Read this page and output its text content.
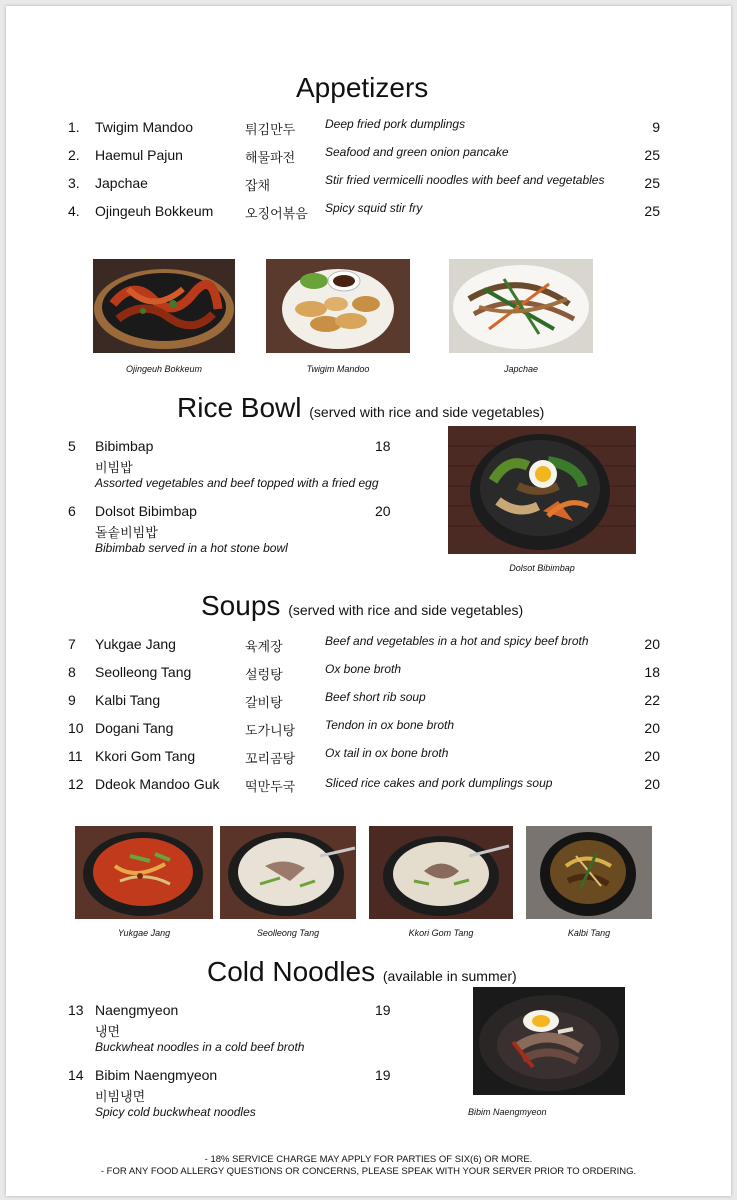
Appetizers
1. Twigim Mandoo	튀김만두 Deep fried pork dumplings	9
2. Haemul Pajun	해물파전 Seafood and green onion pancake	25
3. Japchae	잡채	Stir fried vermicelli noodles with beef and vegetables	25
4. Ojingeuh Bokkeum 오징어볶음 Spicy squid stir fry	25
Ojingeuh Bokkeum	Twigim Mandoo	Japchae
Rice Bowl (served with rice and side vegetables)
5 Bibimbap	18
비빔밥
Assorted vegetables and beef topped with a fried egg
6 Dolsot Bibimbap	20
돌솥비빔밥
Bibimbab served in a hot stone bowl
Dolsot Bibimbap
Soups (served with rice and side vegetables)
7 Yukgae Jang	육계장	Beef and vegetables in a hot and spicy beef broth	20
8 Seolleong Tang	설렁탕	Ox bone broth	18
9 Kalbi Tang	갈비탕	Beef short rib soup	22
10 Dogani Tang	도가니탕 Tendon in ox bone broth	20
11 Kkori Gom Tang	꼬리곰탕 Ox tail in ox bone broth	20
12 Ddeok Mandoo Guk 떡만두국 Sliced rice cakes and pork dumplings soup	20
Yukgae Jang	Seolleong Tang	Kkori Gom Tang	Kalbi Tang
Cold Noodles (available in summer)
13 Naengmyeon	19
냉면
Buckwheat noodles in a cold beef broth
14 Bibim Naengmyeon	19
비빔냉면
Spicy cold buckwheat noodles	Bibim Naengmyeon
- 18% SERVICE CHARGE MAY APPLY FOR PARTIES OF SIX(6) OR MORE.
- FOR ANY FOOD ALLERGY QUESTIONS OR CONCERNS, PLEASE SPEAK WITH YOUR SERVER PRIOR TO ORDERING.
